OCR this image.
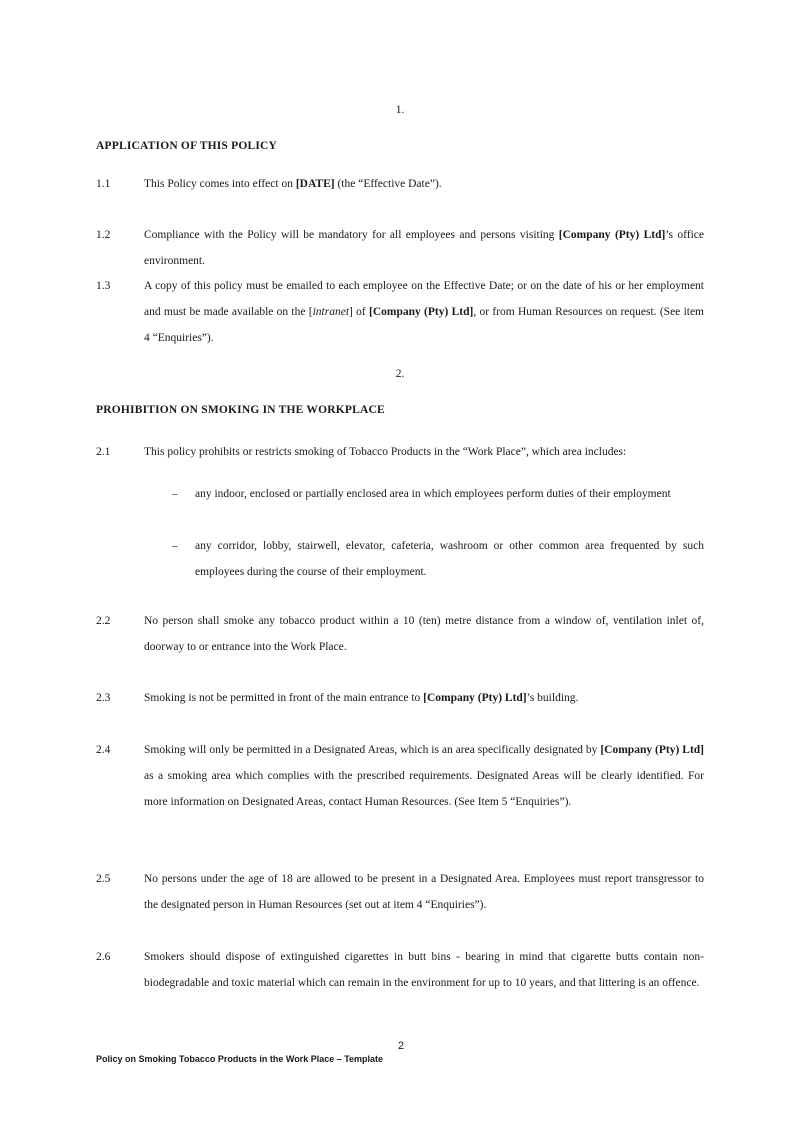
1.
APPLICATION OF THIS POLICY
1.1	This Policy comes into effect on [DATE] (the “Effective Date”).
1.2	Compliance with the Policy will be mandatory for all employees and persons visiting [Company (Pty) Ltd]’s office environment.
1.3	A copy of this policy must be emailed to each employee on the Effective Date; or on the date of his or her employment and must be made available on the [intranet] of [Company (Pty) Ltd], or from Human Resources on request. (See item 4 “Enquiries”).
2.
PROHIBITION ON SMOKING IN THE WORKPLACE
2.1	This policy prohibits or restricts smoking of Tobacco Products in the “Work Place”, which area includes:
– any indoor, enclosed or partially enclosed area in which employees perform duties of their employment
– any corridor, lobby, stairwell, elevator, cafeteria, washroom or other common area frequented by such employees during the course of their employment.
2.2	No person shall smoke any tobacco product within a 10 (ten) metre distance from a window of, ventilation inlet of, doorway to or entrance into the Work Place.
2.3	Smoking is not be permitted in front of the main entrance to [Company (Pty) Ltd]’s building.
2.4	Smoking will only be permitted in a Designated Areas, which is an area specifically designated by [Company (Pty) Ltd] as a smoking area which complies with the prescribed requirements. Designated Areas will be clearly identified. For more information on Designated Areas, contact Human Resources. (See Item 5 “Enquiries”).
2.5	No persons under the age of 18 are allowed to be present in a Designated Area. Employees must report transgressor to the designated person in Human Resources (set out at item 4 “Enquiries”).
2.6	Smokers should dispose of extinguished cigarettes in butt bins - bearing in mind that cigarette butts contain non-biodegradable and toxic material which can remain in the environment for up to 10 years, and that littering is an offence.
2
Policy on Smoking Tobacco Products in the Work Place – Template
